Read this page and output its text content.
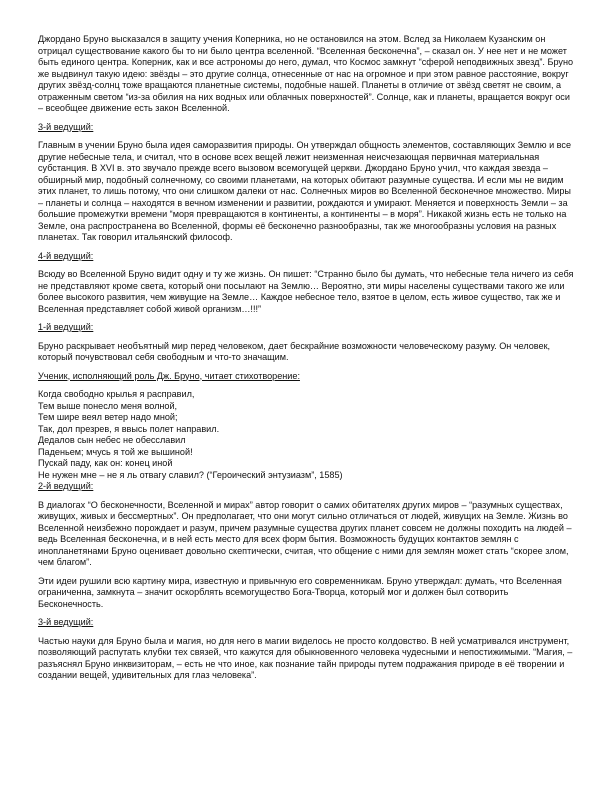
Джордано Бруно высказался в защиту учения Коперника, но не остановился на этом. Вслед за Николаем Кузанским он отрицал существование какого бы то ни было центра вселенной. “Вселенная бесконечна”, – сказал он. У нее нет и не может быть единого центра. Коперник, как и все астрономы до него, думал, что Космос замкнут “сферой неподвижных звезд”. Бруно же выдвинул такую идею: звёзды – это другие солнца, отнесенные от нас на огромное и при этом равное расстояние, вокруг других звёзд-солнц тоже вращаются планетные системы, подобные нашей. Планеты в отличие от звёзд светят не своим, а отраженным светом “из-за обилия на них водных или облачных поверхностей”. Солнце, как и планеты, вращается вокруг оси – всеобщее движение есть закон Вселенной.

3-й ведущий:

Главным в учении Бруно была идея саморазвития природы. Он утверждал общность элементов, составляющих Землю и все другие небесные тела, и считал, что в основе всех вещей лежит неизменная неисчезающая первичная материальная субстанция. В XVI в. это звучало прежде всего вызовом всемогущей церкви. Джордано Бруно учил, что каждая звезда – обширный мир, подобный солнечному, со своими планетами, на которых обитают разумные существа. И если мы не видим этих планет, то лишь потому, что они слишком далеки от нас. Солнечных миров во Вселенной бесконечное множество. Миры – планеты и солнца – находятся в вечном изменении и развитии, рождаются и умирают. Меняется и поверхность Земли – за большие промежутки времени “моря превращаются в континенты, а континенты – в моря”. Никакой жизнь есть не только на Земле, она распространена во Вселенной, формы её бесконечно разнообразны, так же многообразны условия на разных планетах. Так говорил итальянский философ.

4-й ведущий:

Всюду во Вселенной Бруно видит одну и ту же жизнь. Он пишет: “Странно было бы думать, что небесные тела ничего из себя не представляют кроме света, который они посылают на Землю… Вероятно, эти миры населены существами такого же или более высокого развития, чем живущие на Земле… Каждое небесное тело, взятое в целом, есть живое существо, так же и Вселенная представляет собой живой организм…!!!”

1-й ведущий:

Бруно раскрывает необъятный мир перед человеком, дает бескрайние возможности человеческому разуму. Он человек, который почувствовал себя свободным и что-то значащим.

Ученик, исполняющий роль Дж. Бруно, читает стихотворение:
Когда свободно крылья я расправил,
Тем выше понесло меня волной,
Тем шире веял ветер надо мной;
Так, дол презрев, я ввысь полет направил.
Дедалов сын небес не обесславил
Паденьем; мчусь я той же вышиной!
Пускай паду, как он: конец иной
Не нужен мне – не я ль отвагу славил? (“Героический энтузиазм”, 1585)
2-й ведущий:

В диалогах “О бесконечности, Вселенной и мирах” автор говорит о самих обитателях других миров – “разумных существах, живущих, живых и бессмертных”. Он предполагает, что они могут сильно отличаться от людей, живущих на Земле. Жизнь во Вселенной неизбежно порождает и разум, причем разумные существа других планет совсем не должны походить на людей – ведь Вселенная бесконечна, и в ней есть место для всех форм бытия. Возможность будущих контактов землян с инопланетянами Бруно оценивает довольно скептически, считая, что общение с ними для землян может стать “скорее злом, чем благом”.

Эти идеи рушили всю картину мира, известную и привычную его современникам. Бруно утверждал: думать, что Вселенная ограниченна, замкнута – значит оскорблять всемогущество Бога-Творца, который мог и должен был сотворить Бесконечность.

3-й ведущий:

Частью науки для Бруно была и магия, но для него в магии виделось не просто колдовство. В ней усматривался инструмент, позволяющий распутать клубки тех связей, что кажутся для обыкновенного человека чудесными и непостижимыми. “Магия, – разъяснял Бруно инквизиторам, – есть не что иное, как познание тайн природы путем подражания природе в её творении и создании вещей, удивительных для глаз человека”.
